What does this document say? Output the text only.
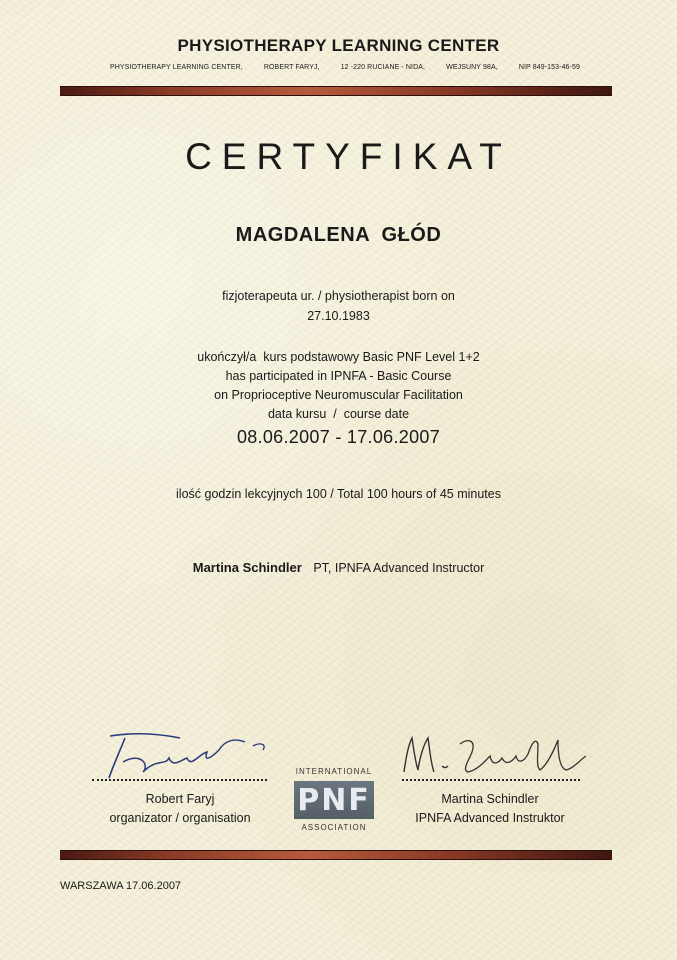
PHYSIOTHERAPY LEARNING CENTER
PHYSIOTHERAPY LEARNING CENTER,	ROBERT FARYJ,	12 -220 RUCIANE - NIDA,	WEJSUNY 98A,	NIP 849-153-46-59
CERTYFIKAT
MAGDALENA  GŁÓD
fizjoterapeuta ur. / physiotherapist born on
27.10.1983
ukończył/a  kurs podstawowy Basic PNF Level 1+2
has participated in IPNFA - Basic Course
on Proprioceptive Neuromuscular Facilitation
data kursu  /  course date
08.06.2007 - 17.06.2007
ilość godzin lekcyjnych 100 / Total 100 hours of 45 minutes
Martina Schindler PT, IPNFA Advanced Instructor
Robert Faryj
organizator / organisation
INTERNATIONAL
PNF
ASSOCIATION
Martina Schindler
IPNFA Advanced Instruktor
WARSZAWA 17.06.2007
